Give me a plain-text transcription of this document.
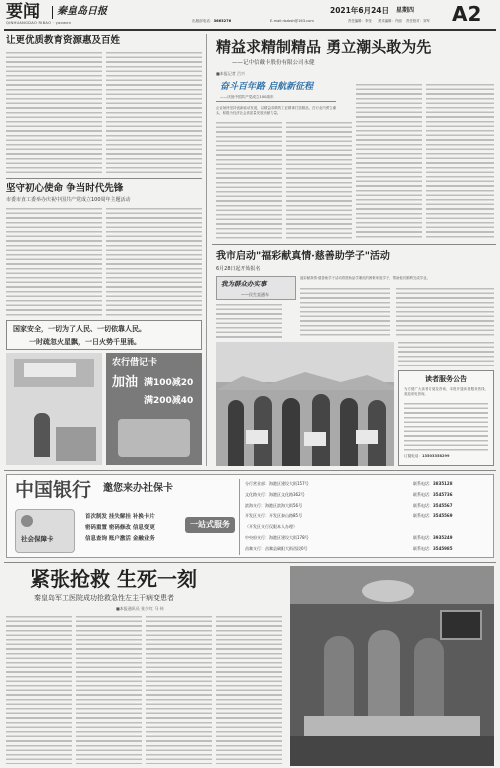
要闻 秦皇岛日报
QINHUANGDAO RIBAO · yaowen	出版部电话：3663276	E-mail:rbzbsh@163.com
2021年6月24日 星期四
责任编辑：李莹 美术编辑：许丽 责任校对：刘军 A2
让更优质教育资源惠及百姓
坚守初心使命 争当时代先锋
市委市直工委举办庆祝中国共产党成立100周年主题活动
国家安全，一切为了人民、一切依靠人民。
一时疏忽火星飘，一日火势千里涌。
农行借记卡
加油 满100减20
满200减40
精益求精制精品 勇立潮头敢为先
——记中信戴卡股份有限公司永健
■本报记者 吕兴
奋斗百年路 启航新征程
——庆祝中国共产党成立100周年
企业始终坚持创新驱动发展，以精益求精的工匠精神打造精品，在行业内勇立潮头，积极为经济社会高质量发展贡献力量。
我市启动"福彩献真情·慈善助学子"活动
6月28日起开始报名
我为群众办实事
——民生直通车
福彩献真情·慈善助学子活动将资助品学兼优的困难家庭学子，帮助他们顺利完成学业。
读者服务公告
为方便广大读者订阅及咨询，本报开通读者服务热线，欢迎来电咨询。
订阅电话：13503358299
中国银行 邀您来办社保卡
社会保障卡
首次制发 挂失解挂 补换卡片
密码重置 密码修改 信息变更
信息查询 账户激活 金融业务
一站式服务
分行营业部：海港区建设大街157号	联系电话：3835128
文化路支行：海港区文化路362号	联系电话：3545736
滨海支行：海港区滨海大街56号	联系电话：3545567
开发区支行：开发区泰山路85号	联系电话：3545569
（开发区支行仅限本人办理）
中央府支行：海港区建设大街178号	联系电话：3935249
昌黎支行：昌黎县碣阳大街西段0号	联系电话：3545985
紧张抢救 生死一刻
秦皇岛军工医院成功抢救急性左主干病变患者
■本报通讯员 张少红 马 伟
